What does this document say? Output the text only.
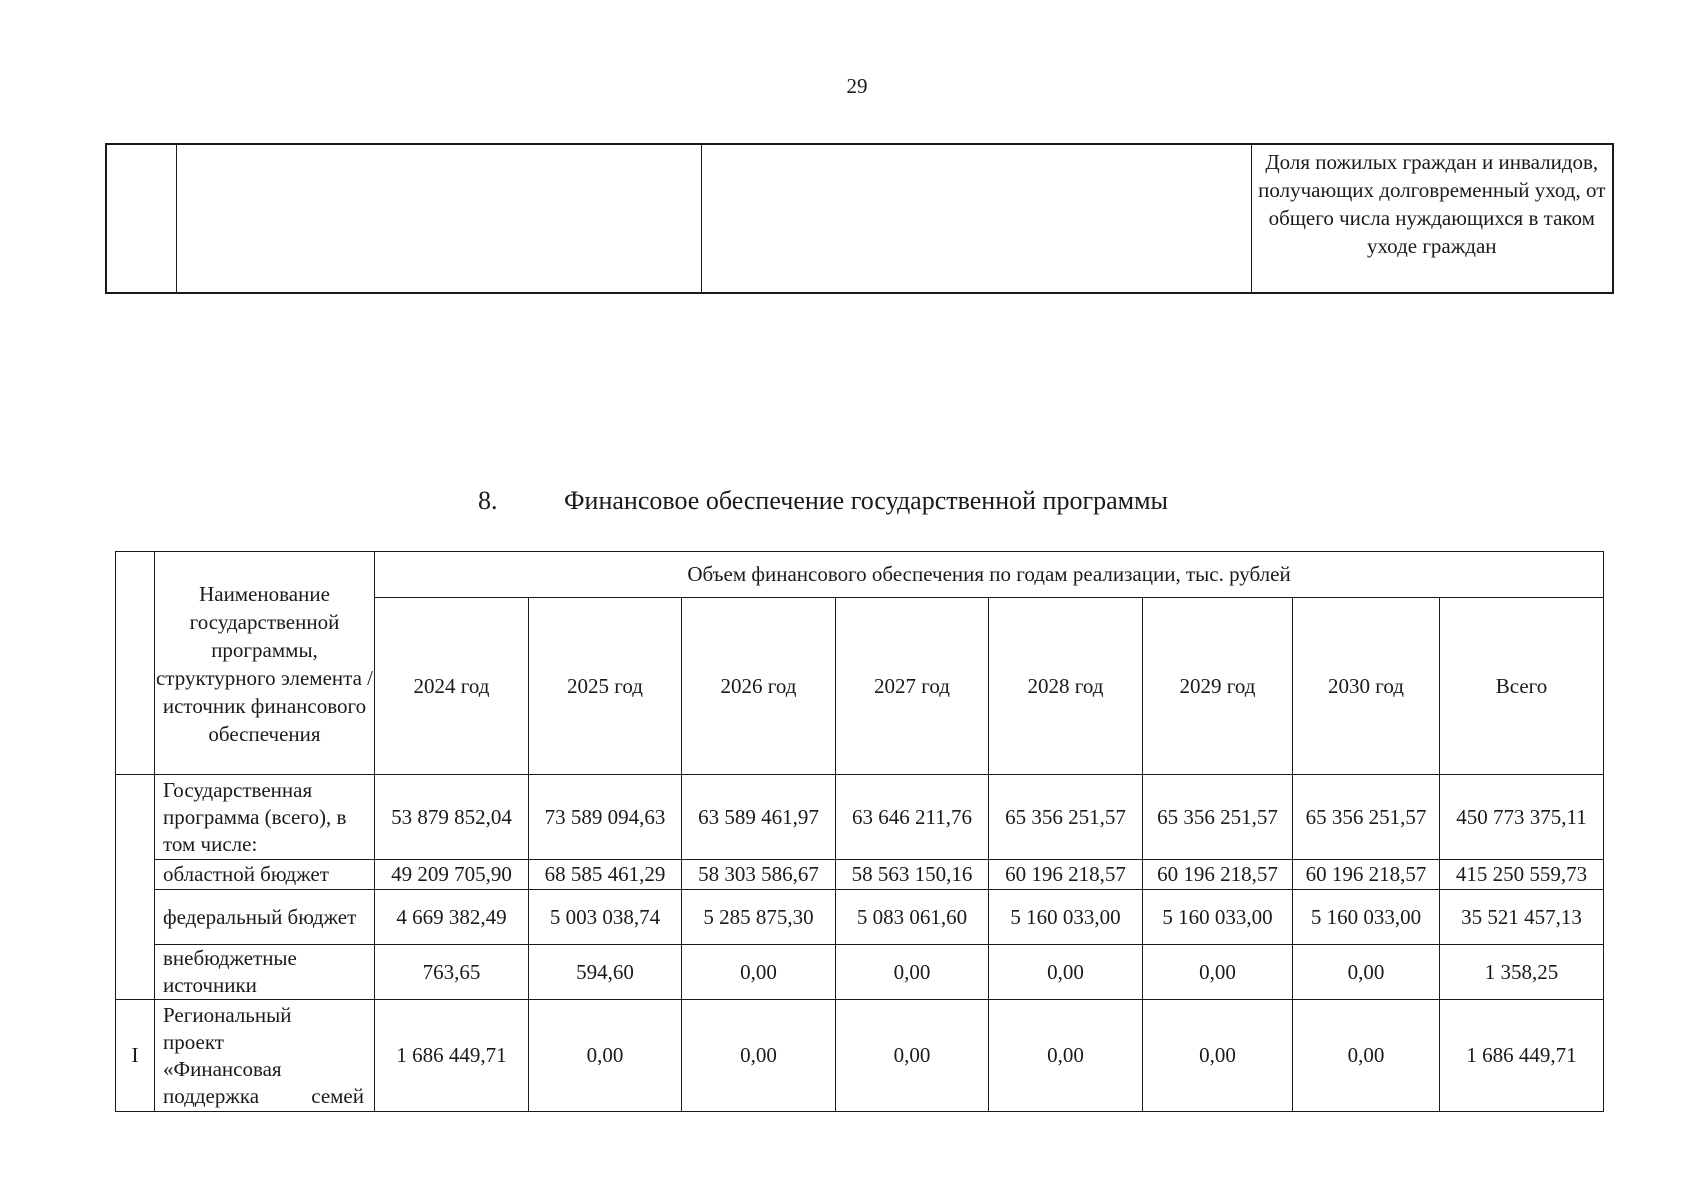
29
			Доля пожилых граждан и инвалидов, получающих долговременный уход, от общего числа нуждающихся в таком уходе граждан
8.	Финансовое обеспечение государственной программы
	Наименование государственной программы, структурного элемента / источник финансового обеспечения	Объем финансового обеспечения по годам реализации, тыс. рублей							
		2024 год	2025 год	2026 год	2027 год	2028 год	2029 год	2030 год	Всего
	Государственная программа (всего), в том числе:	53 879 852,04	73 589 094,63	63 589 461,97	63 646 211,76	65 356 251,57	65 356 251,57	65 356 251,57	450 773 375,11
	областной бюджет	49 209 705,90	68 585 461,29	58 303 586,67	58 563 150,16	60 196 218,57	60 196 218,57	60 196 218,57	415 250 559,73
	федеральный бюджет	4 669 382,49	5 003 038,74	5 285 875,30	5 083 061,60	5 160 033,00	5 160 033,00	5 160 033,00	35 521 457,13
	внебюджетные источники	763,65	594,60	0,00	0,00	0,00	0,00	0,00	1 358,25
I	Региональный
проект
«Финансовая
поддержка семей	1 686 449,71	0,00	0,00	0,00	0,00	0,00	0,00	1 686 449,71
